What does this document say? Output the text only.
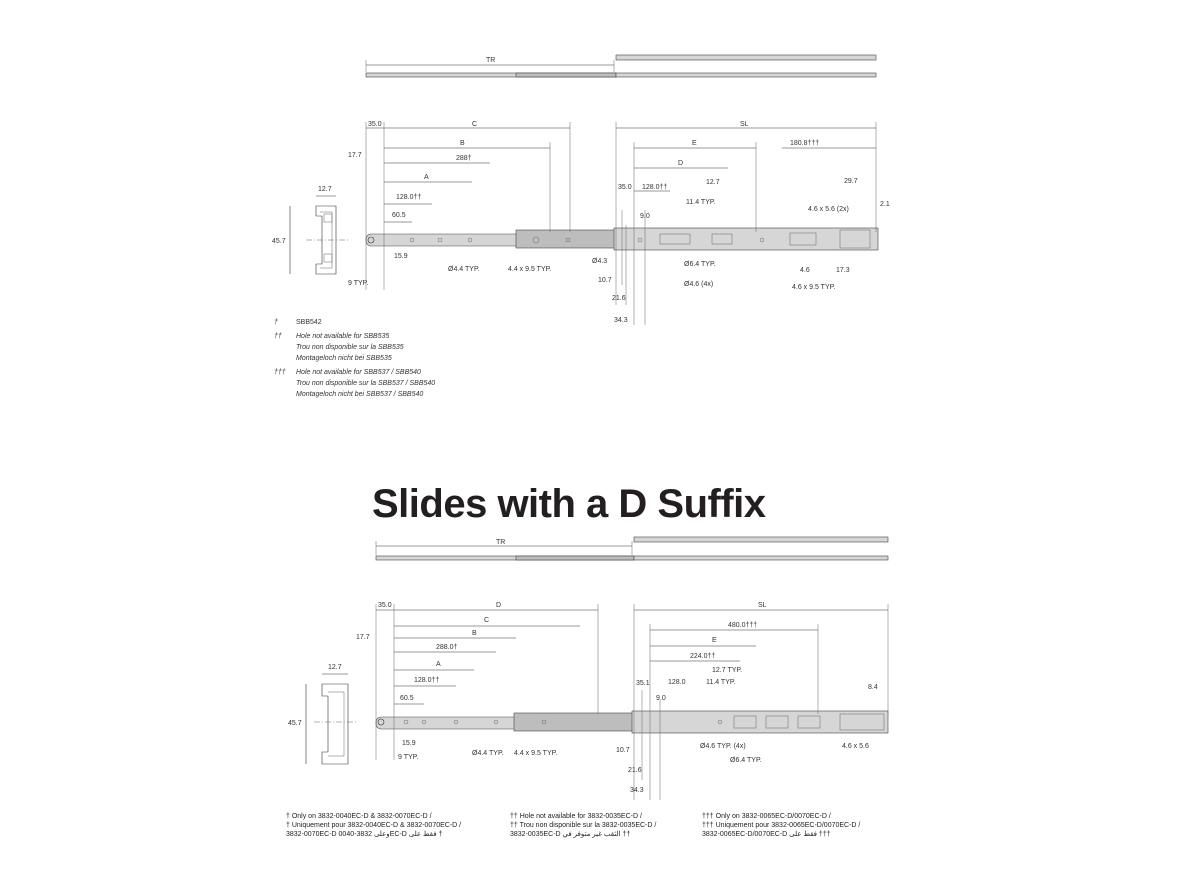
TR
12.7
45.7
9 TYP.
35.0	C	SL
17.7
B
288†
A
128.0††
60.5
15.9
Ø4.4 TYP.	4.4 x 9.5 TYP.
E	180.8†††
D
35.0 128.0††
12.7
11.4 TYP.
29.7
4.6 x 5.6 (2x)
2.1
9.0
Ø4.3	Ø6.4 TYP.
4.6	17.3
10.7
Ø4.6 (4x)	4.6 x 9.5 TYP.
21.6
34.3
TR
12.7
45.7
35.0	D	SL
C
17.7
480.0†††
B
E
288.0†
224.0††
A
12.7 TYP.
128.0††	35.1	128.0	11.4 TYP.
8.4
60.5	9.0
15.9
Ø4.4 TYP. 4.4 x 9.5 TYP.	10.7
Ø4.6 TYP. (4x)	4.6 x 5.6
9 TYP.	Ø6.4 TYP.
21.6
34.3
†	SBB542
†† Hole not available for SBB535
Trou non disponible sur la SBB535
Montageloch nicht bei SBB535
††† Hole not available for SBB537 / SBB540
Trou non disponible sur la SBB537 / SBB540
Montageloch nicht bei SBB537 / SBB540
Slides with a D Suffix
† Only on 3832-0040EC-D & 3832-0070EC-D /
† Uniquement pour 3832-0040EC-D & 3832-0070EC-D /
3832-0070EC-D وعلى 3832-0040EC-D فقط على †
†† Hole not available for 3832-0035EC-D /
†† Trou non disponible sur la 3832-0035EC-D /
3832-0035EC-D الثقب غير متوفر في ††
††† Only on 3832-0065EC-D/0070EC-D /
††† Uniquement pour 3832-0065EC-D/0070EC-D /
3832-0065EC-D/0070EC-D فقط على †††
